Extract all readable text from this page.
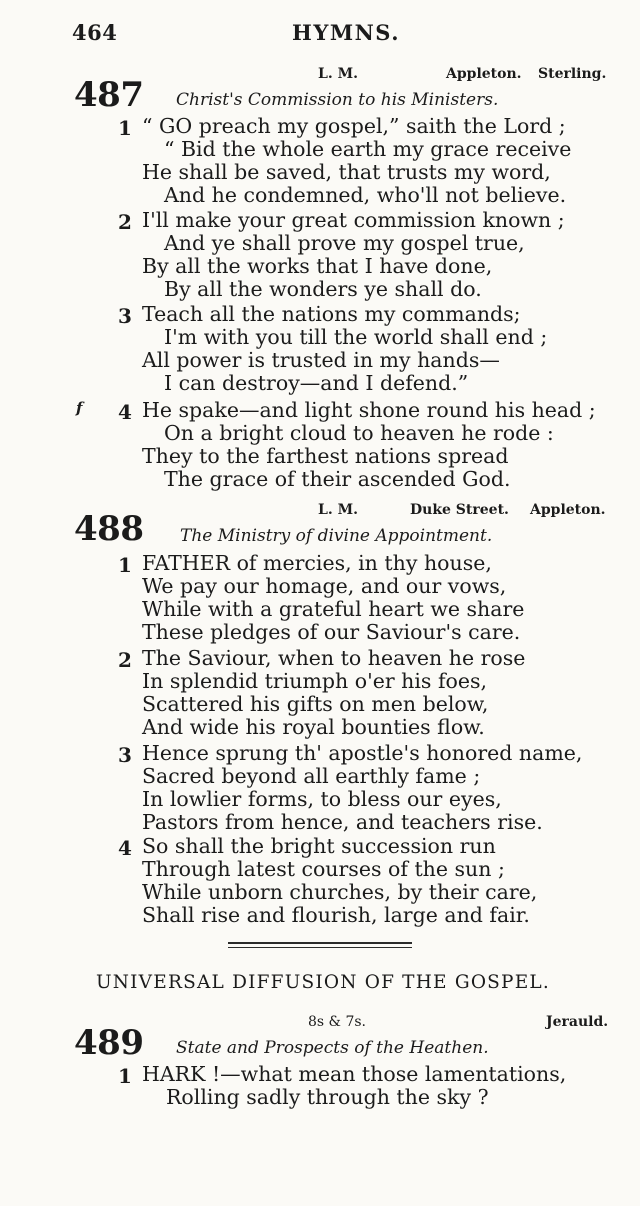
464	HYMNS.
487
L. M.	Appleton. Sterling.
Christ's Commission to his Ministers.
1 “ GO preach my gospel,” saith the Lord ;
“ Bid the whole earth my grace receive
He shall be saved, that trusts my word,
And he condemned, who'll not believe.
2 I'll make your great commission known ;
And ye shall prove my gospel true,
By all the works that I have done,
By all the wonders ye shall do.
3 Teach all the nations my commands;
I'm with you till the world shall end ;
All power is trusted in my hands—
I can destroy—and I defend.”
f 4 He spake—and light shone round his head ;
On a bright cloud to heaven he rode :
They to the farthest nations spread
The grace of their ascended God.
488	L. M.	Duke Street. Appleton.
The Ministry of divine Appointment.
1 FATHER of mercies, in thy house,
We pay our homage, and our vows,
While with a grateful heart we share
These pledges of our Saviour's care.
2 The Saviour, when to heaven he rose
In splendid triumph o'er his foes,
Scattered his gifts on men below,
And wide his royal bounties flow.
3 Hence sprung th' apostle's honored name,
Sacred beyond all earthly fame ;
In lowlier forms, to bless our eyes,
Pastors from hence, and teachers rise.
4 So shall the bright succession run
Through latest courses of the sun ;
While unborn churches, by their care,
Shall rise and flourish, large and fair.
UNIVERSAL DIFFUSION OF THE GOSPEL.
489
8s & 7s.	Jerauld.
State and Prospects of the Heathen.
1 HARK !—what mean those lamentations,
Rolling sadly through the sky ?
